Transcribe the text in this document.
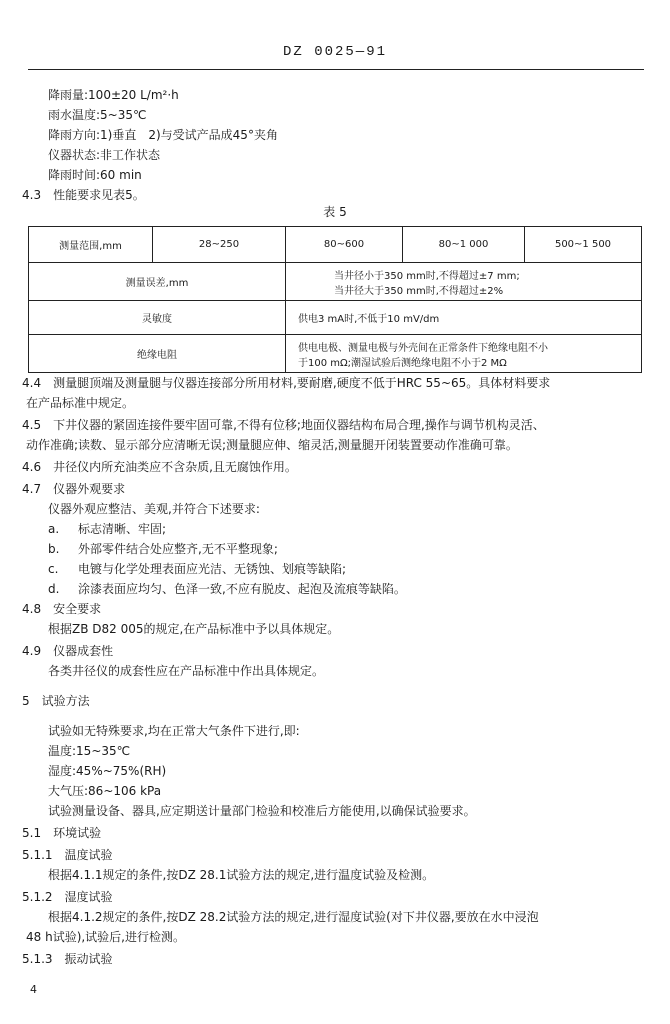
DZ 0025—91
降雨量:100±20 L/m²·h
雨水温度:5~35℃
降雨方向:1)垂直　2)与受试产品成45°夹角
仪器状态:非工作状态
降雨时间:60 min
4.3　性能要求见表5。
表 5
测量范围,mm	28~250	80~600	80~1 000	500~1 500
测量误差,mm		当井径小于350 mm时,不得超过±7 mm;
当井径大于350 mm时,不得超过±2%		

灵敏度		供电3 mA时,不低于10 mV/dm		
绝缘电阻		供电电极、测量电极与外壳间在正常条件下绝缘电阻不小
于100 mΩ;潮湿试验后测绝缘电阻不小于2 MΩ		
4.4　测量腿顶端及测量腿与仪器连接部分所用材料,要耐磨,硬度不低于HRC 55~65。具体材料要求
在产品标准中规定。
4.5　下井仪器的紧固连接件要牢固可靠,不得有位移;地面仪器结构布局合理,操作与调节机构灵活、
动作准确;读数、显示部分应清晰无误;测量腿应伸、缩灵活,测量腿开闭装置要动作准确可靠。
4.6　井径仪内所充油类应不含杂质,且无腐蚀作用。
4.7　仪器外观要求
仪器外观应整洁、美观,并符合下述要求:
a. 标志清晰、牢固;
b. 外部零件结合处应整齐,无不平整现象;
c. 电镀与化学处理表面应光洁、无锈蚀、划痕等缺陷;
d. 涂漆表面应均匀、色泽一致,不应有脱皮、起泡及流痕等缺陷。
4.8　安全要求
根据ZB D82 005的规定,在产品标准中予以具体规定。
4.9　仪器成套性
各类井径仪的成套性应在产品标准中作出具体规定。
5　试验方法
试验如无特殊要求,均在正常大气条件下进行,即:
温度:15~35℃
湿度:45%~75%(RH)
大气压:86~106 kPa
试验测量设备、器具,应定期送计量部门检验和校准后方能使用,以确保试验要求。
5.1　环境试验
5.1.1　温度试验
根据4.1.1规定的条件,按DZ 28.1试验方法的规定,进行温度试验及检测。
5.1.2　湿度试验
根据4.1.2规定的条件,按DZ 28.2试验方法的规定,进行湿度试验(对下井仪器,要放在水中浸泡
48 h试验),试验后,进行检测。
5.1.3　振动试验
4
